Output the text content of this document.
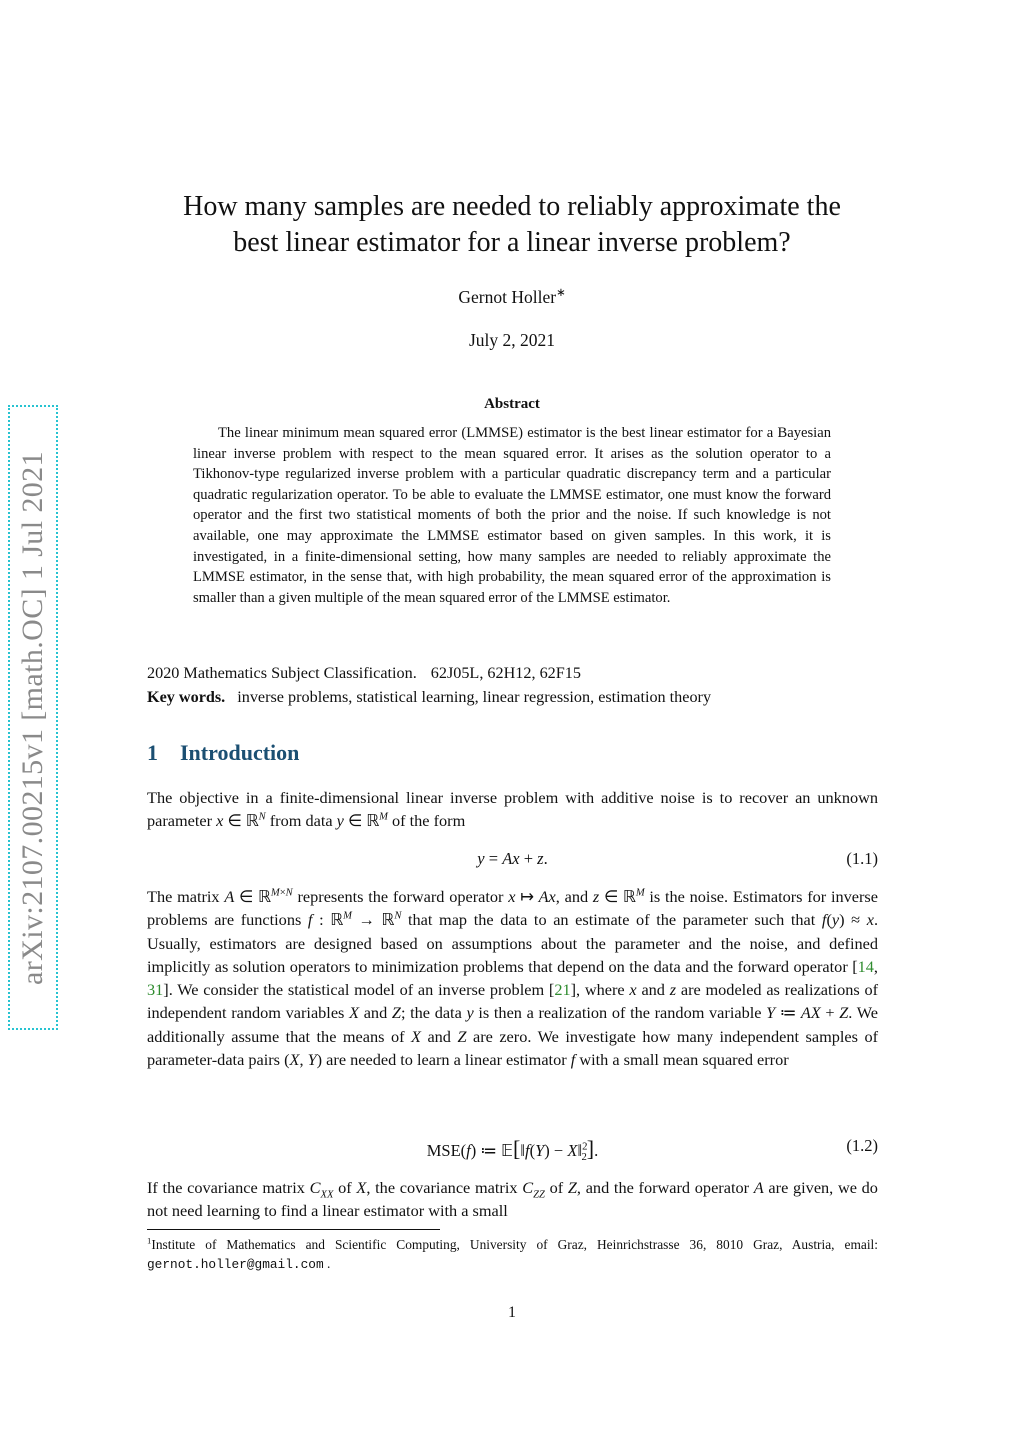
arXiv:2107.00215v1 [math.OC] 1 Jul 2021
How many samples are needed to reliably approximate the
best linear estimator for a linear inverse problem?
Gernot Holler∗
July 2, 2021
Abstract
The linear minimum mean squared error (LMMSE) estimator is the best linear estimator for a Bayesian linear inverse problem with respect to the mean squared error. It arises as the solution operator to a Tikhonov-type regularized inverse problem with a particular quadratic discrepancy term and a particular quadratic regularization operator. To be able to evaluate the LMMSE estimator, one must know the forward operator and the first two statistical moments of both the prior and the noise. If such knowledge is not available, one may approximate the LMMSE estimator based on given samples. In this work, it is investigated, in a finite-dimensional setting, how many samples are needed to reliably approximate the LMMSE estimator, in the sense that, with high probability, the mean squared error of the approximation is smaller than a given multiple of the mean squared error of the LMMSE estimator.
2020 Mathematics Subject Classification. 62J05L, 62H12, 62F15
Key words. inverse problems, statistical learning, linear regression, estimation theory
1 Introduction
The objective in a finite-dimensional linear inverse problem with additive noise is to recover an unknown parameter x ∈ ℝ$^N$ from data y ∈ ℝ$^M$ of the form
y = Ax + z.	(1.1)
The matrix A ∈ ℝ$^{M\times N}$ represents the forward operator x ↦ Ax, and z ∈ ℝ$^M$ is the noise. Estimators for inverse problems are functions f : ℝ$^M$ → ℝ$^N$ that map the data to an estimate of the parameter such that f(y) ≈ x. Usually, estimators are designed based on assumptions about the parameter and the noise, and defined implicitly as solution operators to minimization problems that depend on the data and the forward operator [14, 31]. We consider the statistical model of an inverse problem [21], where x and z are modeled as realizations of independent random variables X and Z; the data y is then a realization of the random variable Y ≔ AX + Z. We additionally assume that the means of X and Z are zero. We investigate how many independent samples of parameter-data pairs (X, Y) are needed to learn a linear estimator f with a small mean squared error
MSE(f) ≔ 𝔼[‖f(Y) − X‖$^2_2$].	(1.2)
If the covariance matrix $C_{XX}$ of X, the covariance matrix $C_{ZZ}$ of Z, and the forward operator A are given, we do not need learning to find a linear estimator with a small
$^1$Institute of Mathematics and Scientific Computing, University of Graz, Heinrichstrasse 36, 8010 Graz, Austria, email: gernot.holler@gmail.com .
1
